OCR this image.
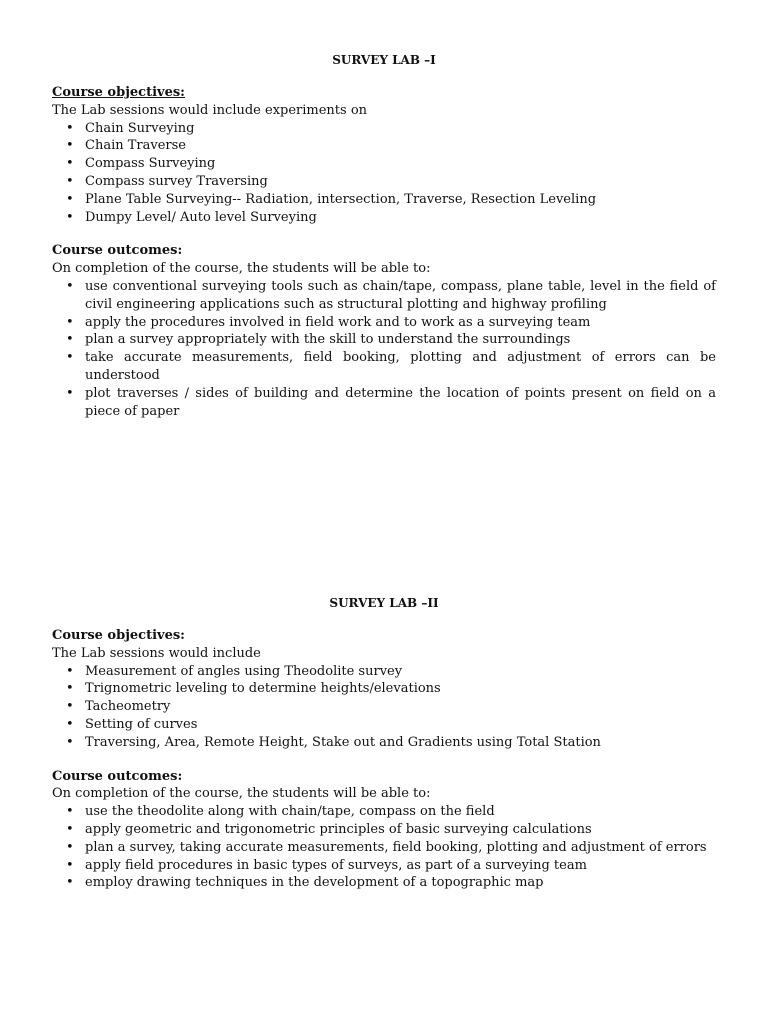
SURVEY LAB –I
Course objectives:
The Lab sessions would include experiments on
• Chain Surveying
• Chain Traverse
• Compass Surveying
• Compass survey Traversing
• Plane Table Surveying-- Radiation, intersection, Traverse, Resection Leveling
• Dumpy Level/ Auto level Surveying
Course outcomes:
On completion of the course, the students will be able to:
• use conventional surveying tools such as chain/tape, compass, plane table, level in the field of civil engineering applications such as structural plotting and highway profiling
• apply the procedures involved in field work and to work as a surveying team
• plan a survey appropriately with the skill to understand the surroundings
• take accurate measurements, field booking, plotting and adjustment of errors can be understood
• plot traverses / sides of building and determine the location of points present on field on a piece of paper
SURVEY LAB –II
Course objectives:
The Lab sessions would include
• Measurement of angles using Theodolite survey
• Trignometric leveling to determine heights/elevations
• Tacheometry
• Setting of curves
• Traversing, Area, Remote Height, Stake out and Gradients using Total Station
Course outcomes:
On completion of the course, the students will be able to:
• use the theodolite along with chain/tape, compass on the field
• apply geometric and trigonometric principles of basic surveying calculations
• plan a survey, taking accurate measurements, field booking, plotting and adjustment of errors
• apply field procedures in basic types of surveys, as part of a surveying team
• employ drawing techniques in the development of a topographic map
